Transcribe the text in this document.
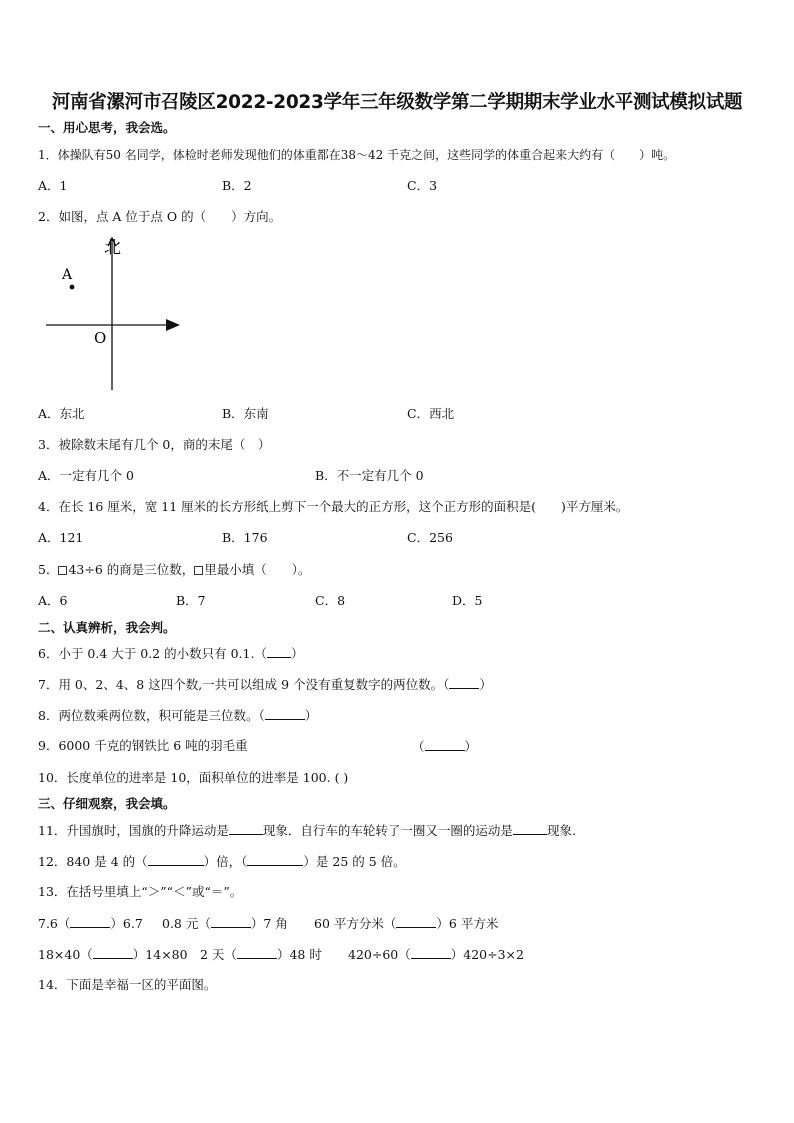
河南省漯河市召陵区2022-2023学年三年级数学第二学期期末学业水平测试模拟试题
一、用心思考，我会选。
1．体操队有50 名同学，体检时老师发现他们的体重都在38～42 千克之间，这些同学的体重合起来大约有（　　）吨。
A．1	B．2	C．3
2．如图，点 A 位于点 O 的（　　）方向。
北
A
O
A．东北	B．东南	C．西北
3．被除数末尾有几个 0，商的末尾（　）
A．一定有几个 0	B．不一定有几个 0
4．在长 16 厘米，宽 11 厘米的长方形纸上剪下一个最大的正方形，这个正方形的面积是(　　)平方厘米。
A．121	B．176	C．256
5． 43÷6 的商是三位数， 里最小填（　　）。
A．6	B．7	C．8	D．5
二、认真辨析，我会判。
6．小于 0.4 大于 0.2 的小数只有 0.1.（ ）
7．用 0、2、4、8 这四个数,一共可以组成 9 个没有重复数字的两位数。（ ）
8．两位数乘两位数，积可能是三位数。（	）
9．6000 千克的钢铁比 6 吨的羽毛重	（	）
10．长度单位的进率是 10，面积单位的进率是 100. ( )
三、仔细观察，我会填。
11．升国旗时，国旗的升降运动是	现象．自行车的车轮转了一圈又一圈的运动是	现象.
12．840 是 4 的（	）倍，（	）是 25 的 5 倍。
13．在括号里填上“＞”“＜”或“＝”。
7.6（	）6.7 0.8 元（	）7 角 60 平方分米（	）6 平方米
18×40（	）14×80 2 天（	）48 时 420÷60（	）420÷3×2
14．下面是幸福一区的平面图。
